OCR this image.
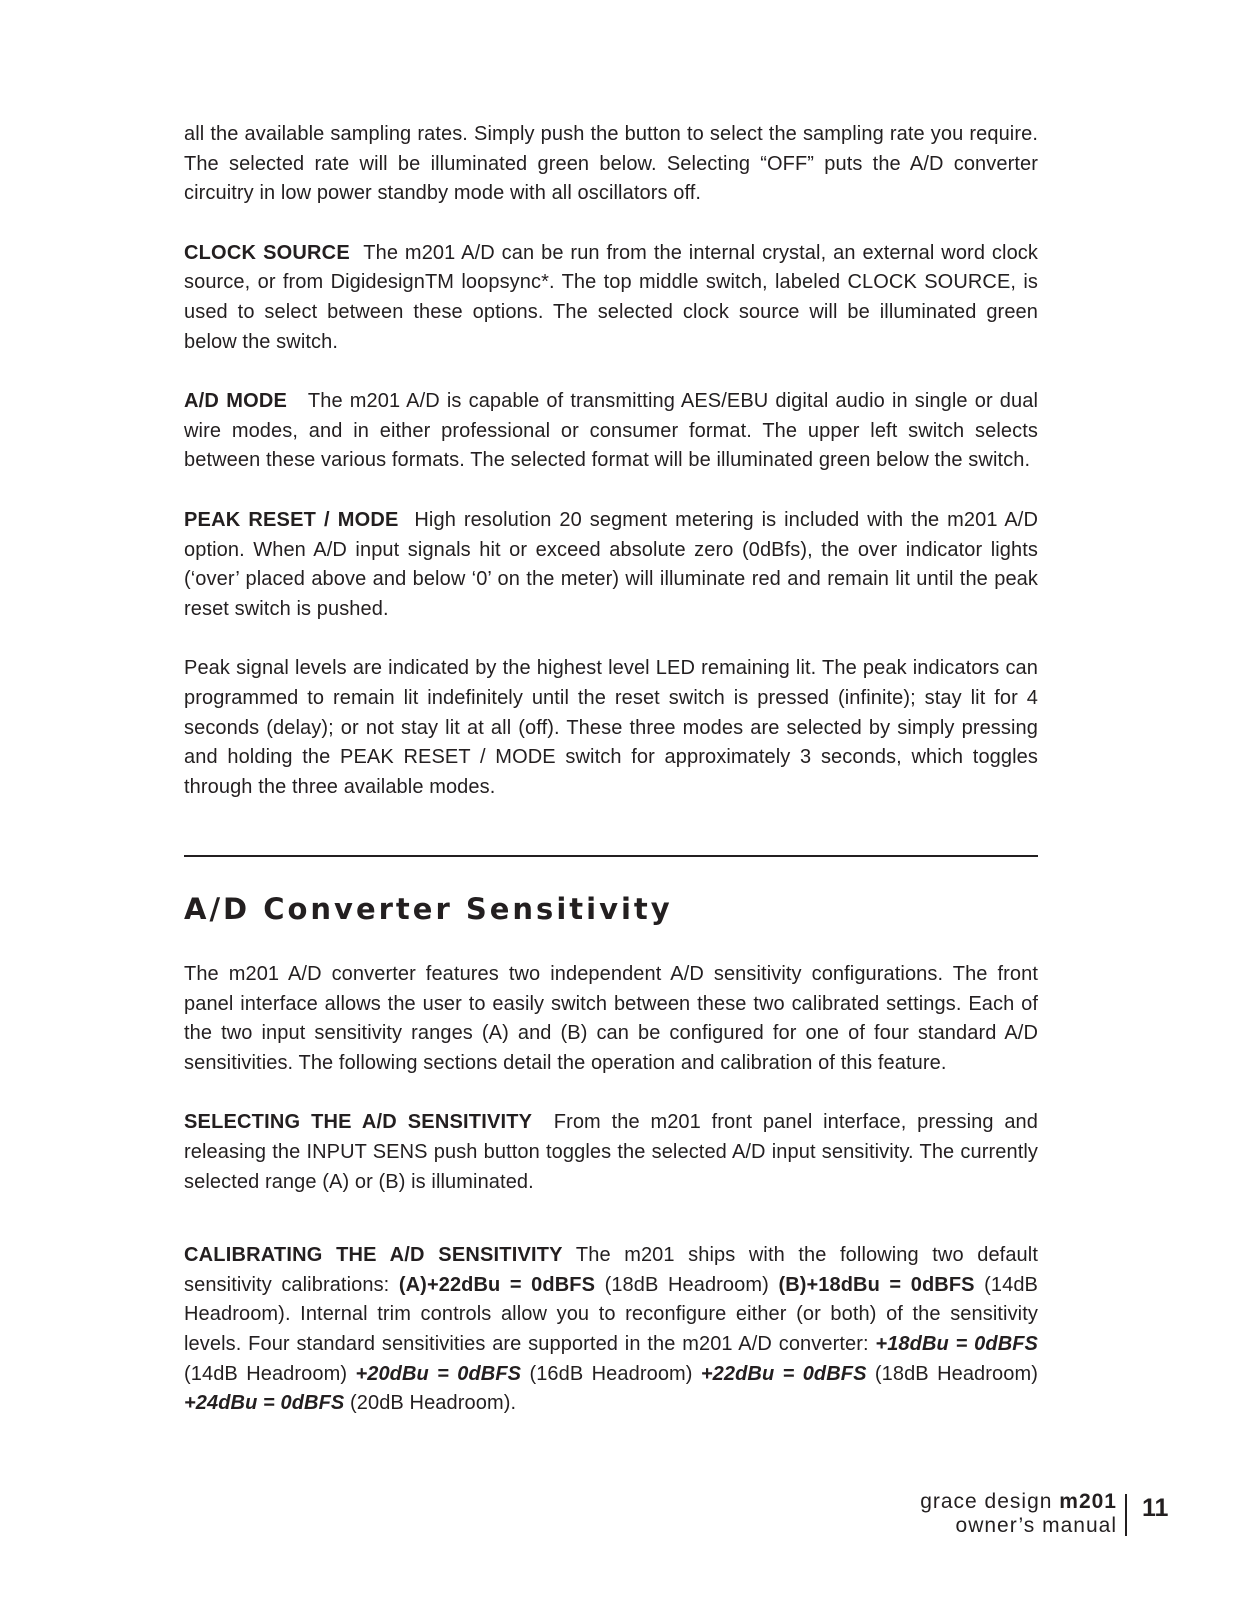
all the available sampling rates. Simply push the button to select the sampling rate you require. The selected rate will be illuminated green below. Selecting “OFF” puts the A/D converter circuitry in low power standby mode with all oscillators off.

CLOCK SOURCE The m201 A/D can be run from the internal crystal, an external word clock source, or from DigidesignTM loopsync*. The top middle switch, labeled CLOCK SOURCE, is used to select between these options. The selected clock source will be illuminated green below the switch.

A/D MODE The m201 A/D is capable of transmitting AES/EBU digital audio in single or dual wire modes, and in either professional or consumer format. The upper left switch selects between these various formats. The selected format will be illuminated green below the switch.

PEAK RESET / MODE High resolution 20 segment metering is included with the m201 A/D option. When A/D input signals hit or exceed absolute zero (0dBfs), the over indicator lights (‘over’ placed above and below ‘0’ on the meter) will illuminate red and remain lit until the peak reset switch is pushed.

Peak signal levels are indicated by the highest level LED remaining lit. The peak indicators can programmed to remain lit indefinitely until the reset switch is pressed (infinite); stay lit for 4 seconds (delay); or not stay lit at all (off). These three modes are selected by simply pressing and holding the PEAK RESET / MODE switch for approximately 3 seconds, which toggles through the three available modes.

A/D Converter Sensitivity

The m201 A/D converter features two independent A/D sensitivity configurations. The front panel interface allows the user to easily switch between these two calibrated settings. Each of the two input sensitivity ranges (A) and (B) can be configured for one of four standard A/D sensitivities. The following sections detail the operation and calibration of this feature.

SELECTING THE A/D SENSITIVITY From the m201 front panel interface, pressing and releasing the INPUT SENS push button toggles the selected A/D input sensitivity. The currently selected range (A) or (B) is illuminated.

CALIBRATING THE A/D SENSITIVITY The m201 ships with the following two default sensitivity calibrations: (A)+22dBu = 0dBFS (18dB Headroom) (B)+18dBu = 0dBFS (14dB Headroom). Internal trim controls allow you to reconfigure either (or both) of the sensitivity levels. Four standard sensitivities are supported in the m201 A/D converter: +18dBu = 0dBFS (14dB Headroom) +20dBu = 0dBFS (16dB Headroom) +22dBu = 0dBFS (18dB Headroom) +24dBu = 0dBFS (20dB Headroom).

grace design m201
owner’s manual
11
